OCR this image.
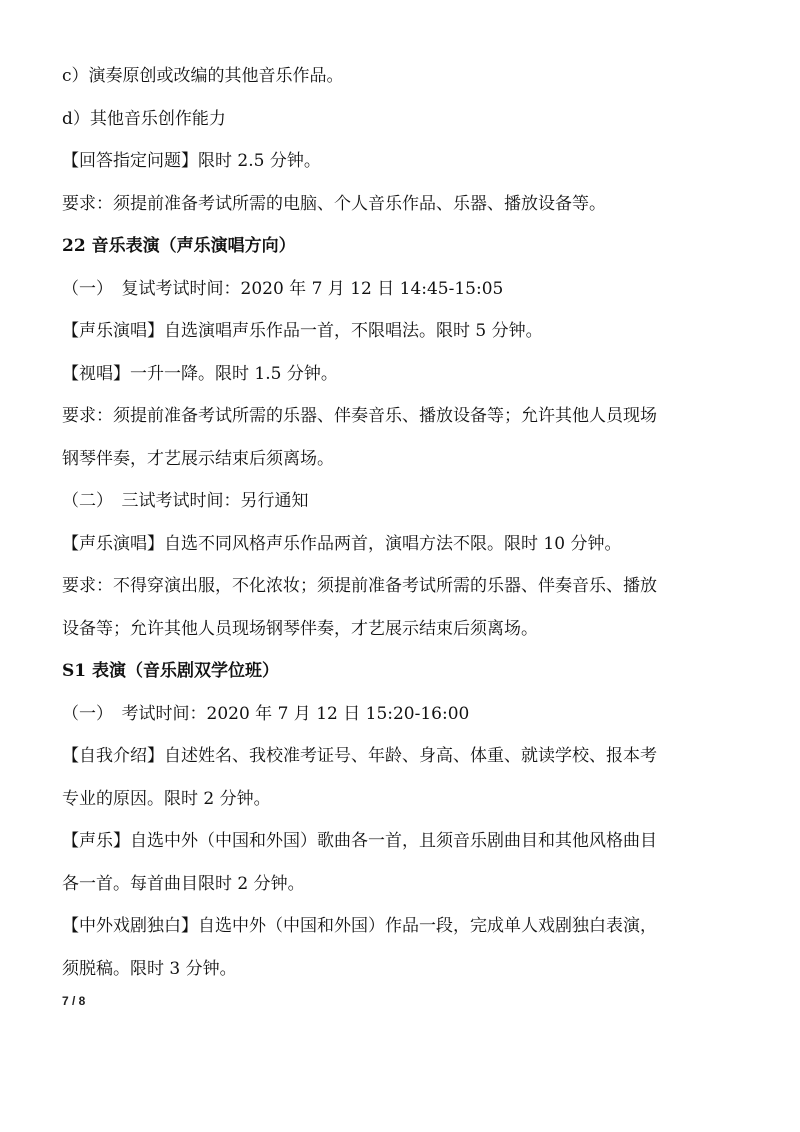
c）演奏原创或改编的其他音乐作品。
d）其他音乐创作能力
【回答指定问题】限时 2.5 分钟。
要求：须提前准备考试所需的电脑、个人音乐作品、乐器、播放设备等。
22 音乐表演（声乐演唱方向）
（一）　复试考试时间：2020 年 7 月 12 日 14:45-15:05
【声乐演唱】自选演唱声乐作品一首，不限唱法。限时 5 分钟。
【视唱】一升一降。限时 1.5 分钟。
要求：须提前准备考试所需的乐器、伴奏音乐、播放设备等；允许其他人员现场
钢琴伴奏，才艺展示结束后须离场。
（二）　三试考试时间：另行通知
【声乐演唱】自选不同风格声乐作品两首，演唱方法不限。限时 10 分钟。
要求：不得穿演出服，不化浓妆；须提前准备考试所需的乐器、伴奏音乐、播放
设备等；允许其他人员现场钢琴伴奏，才艺展示结束后须离场。
S1 表演（音乐剧双学位班）
（一）　考试时间：2020 年 7 月 12 日 15:20-16:00
【自我介绍】自述姓名、我校准考证号、年龄、身高、体重、就读学校、报本考
专业的原因。限时 2 分钟。
【声乐】自选中外（中国和外国）歌曲各一首，且须音乐剧曲目和其他风格曲目
各一首。每首曲目限时 2 分钟。
【中外戏剧独白】自选中外（中国和外国）作品一段，完成单人戏剧独白表演，
须脱稿。限时 3 分钟。
7 / 8
